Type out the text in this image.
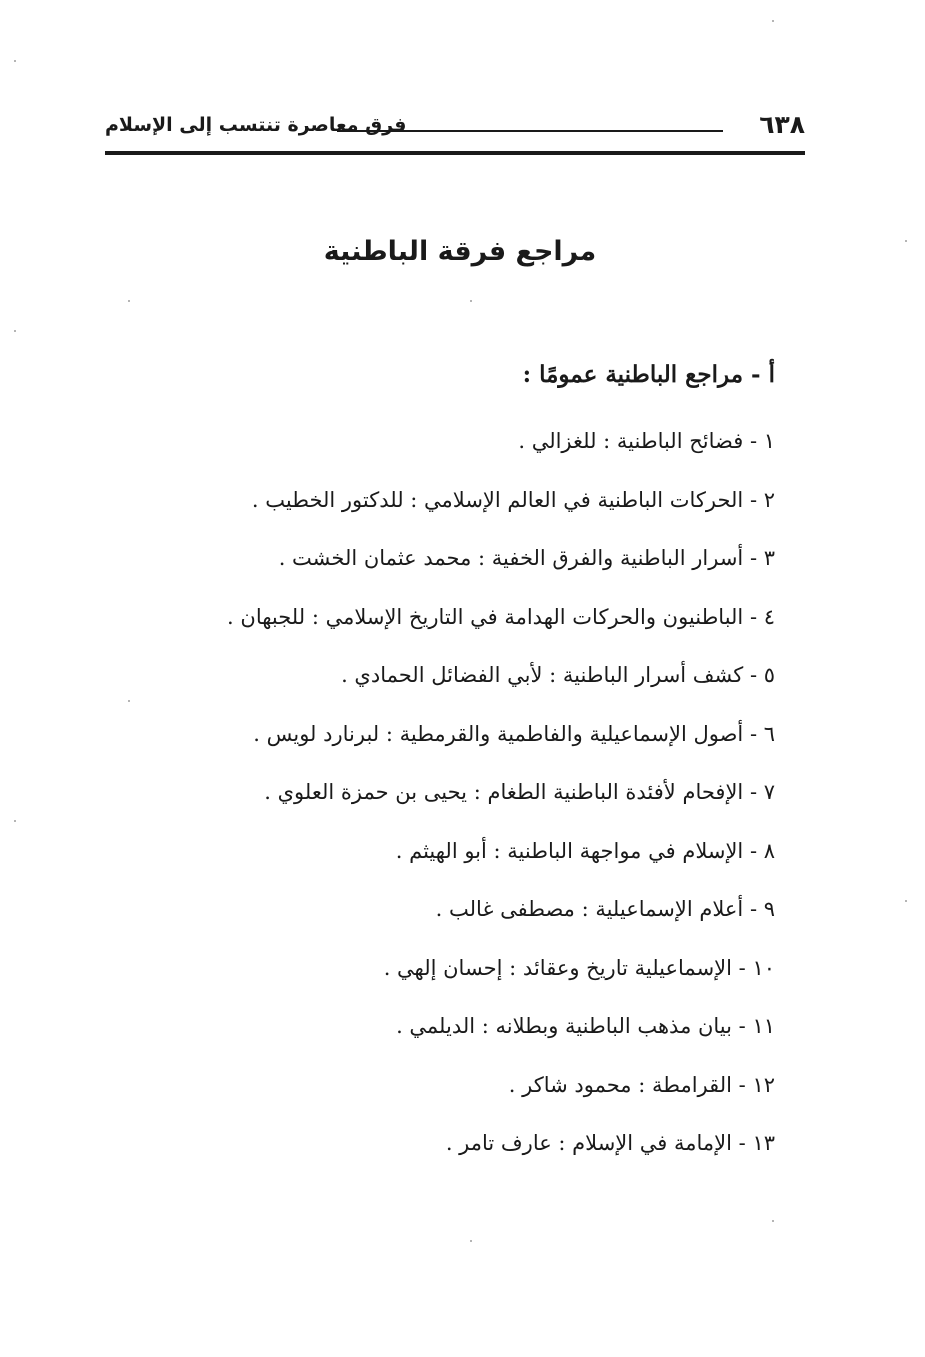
٦٣٨
فرق معاصرة تنتسب إلى الإسلام
مراجع فرقة الباطنية
أ - مراجع الباطنية عمومًا :
١ - فضائح الباطنية : للغزالي .
٢ - الحركات الباطنية في العالم الإسلامي : للدكتور الخطيب .
٣ - أسرار الباطنية والفرق الخفية : محمد عثمان الخشت .
٤ - الباطنيون والحركات الهدامة في التاريخ الإسلامي : للجبهان .
٥ - كشف أسرار الباطنية : لأبي الفضائل الحمادي .
٦ - أصول الإسماعيلية والفاطمية والقرمطية : لبرنارد لويس .
٧ - الإفحام لأفئدة الباطنية الطغام : يحيى بن حمزة العلوي .
٨ - الإسلام في مواجهة الباطنية : أبو الهيثم .
٩ - أعلام الإسماعيلية : مصطفى غالب .
١٠ - الإسماعيلية تاريخ وعقائد : إحسان إلهي .
١١ - بيان مذهب الباطنية وبطلانه : الديلمي .
١٢ - القرامطة : محمود شاكر .
١٣ - الإمامة في الإسلام : عارف تامر .
